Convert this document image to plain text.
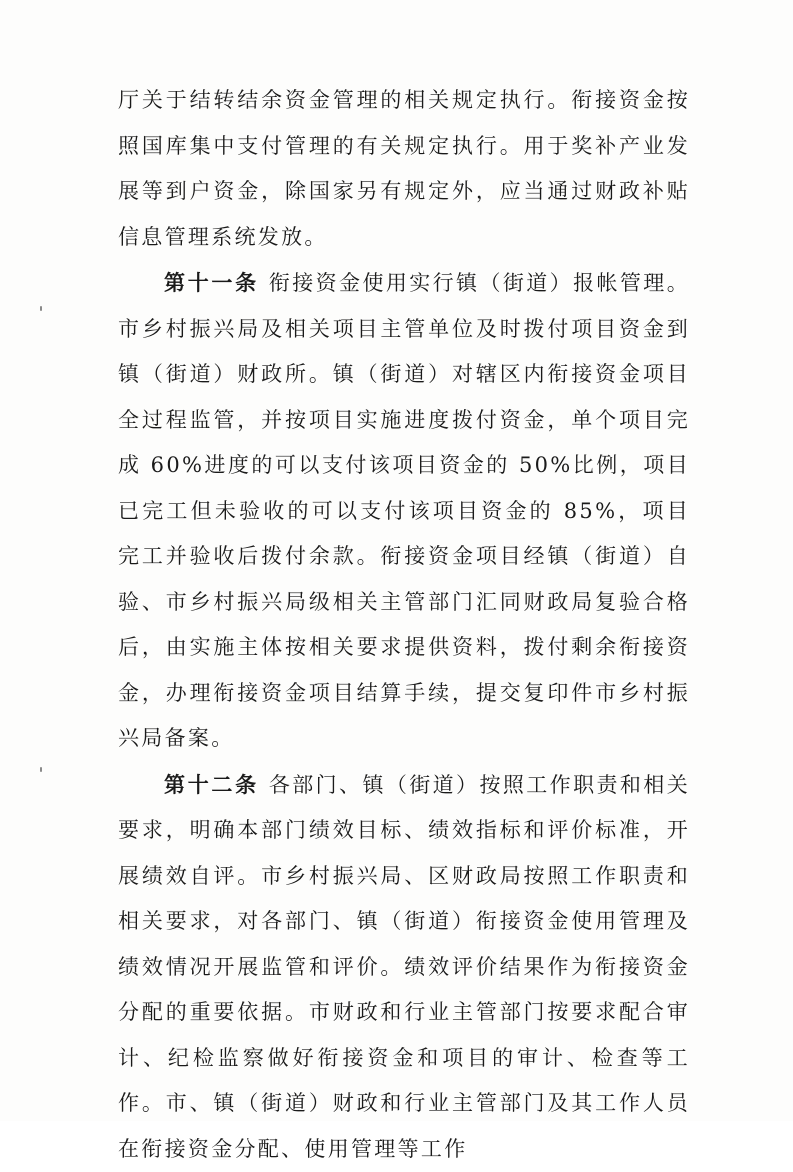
厅关于结转结余资金管理的相关规定执行。衔接资金按照国库集中支付管理的有关规定执行。用于奖补产业发展等到户资金，除国家另有规定外，应当通过财政补贴信息管理系统发放。

第十一条 衔接资金使用实行镇（街道）报帐管理。市乡村振兴局及相关项目主管单位及时拨付项目资金到镇（街道）财政所。镇（街道）对辖区内衔接资金项目全过程监管，并按项目实施进度拨付资金，单个项目完成 60%进度的可以支付该项目资金的 50%比例，项目已完工但未验收的可以支付该项目资金的 85%，项目完工并验收后拨付余款。衔接资金项目经镇（街道）自验、市乡村振兴局级相关主管部门汇同财政局复验合格后，由实施主体按相关要求提供资料，拨付剩余衔接资金，办理衔接资金项目结算手续，提交复印件市乡村振兴局备案。

第十二条 各部门、镇（街道）按照工作职责和相关要求，明确本部门绩效目标、绩效指标和评价标准，开展绩效自评。市乡村振兴局、区财政局按照工作职责和相关要求，对各部门、镇（街道）衔接资金使用管理及绩效情况开展监管和评价。绩效评价结果作为衔接资金分配的重要依据。市财政和行业主管部门按要求配合审计、纪检监察做好衔接资金和项目的审计、检查等工作。市、镇（街道）财政和行业主管部门及其工作人员在衔接资金分配、使用管理等工作
